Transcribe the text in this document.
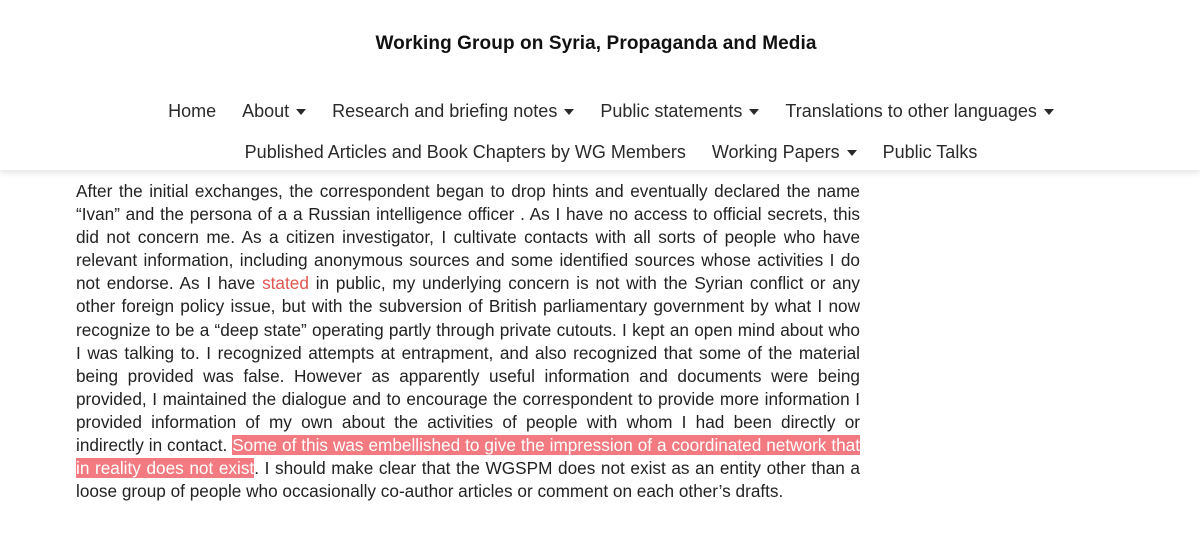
Working Group on Syria, Propaganda and Media
Home About Research and briefing notes Public statements Translations to other languages
Published Articles and Book Chapters by WG Members Working Papers Public Talks

After the initial exchanges, the correspondent began to drop hints and eventually declared the name “Ivan” and the persona of a a Russian intelligence officer . As I have no access to official secrets, this did not concern me. As a citizen investigator, I cultivate contacts with all sorts of people who have relevant information, including anonymous sources and some identified sources whose activities I do not endorse. As I have stated in public, my underlying concern is not with the Syrian conflict or any other foreign policy issue, but with the subversion of British parliamentary government by what I now recognize to be a “deep state” operating partly through private cutouts. I kept an open mind about who I was talking to. I recognized attempts at entrapment, and also recognized that some of the material being provided was false. However as apparently useful information and documents were being provided, I maintained the dialogue and to encourage the correspondent to provide more information I provided information of my own about the activities of people with whom I had been directly or indirectly in contact. Some of this was embellished to give the impression of a coordinated network that in reality does not exist. I should make clear that the WGSPM does not exist as an entity other than a loose group of people who occasionally co-author articles or comment on each other’s drafts.
